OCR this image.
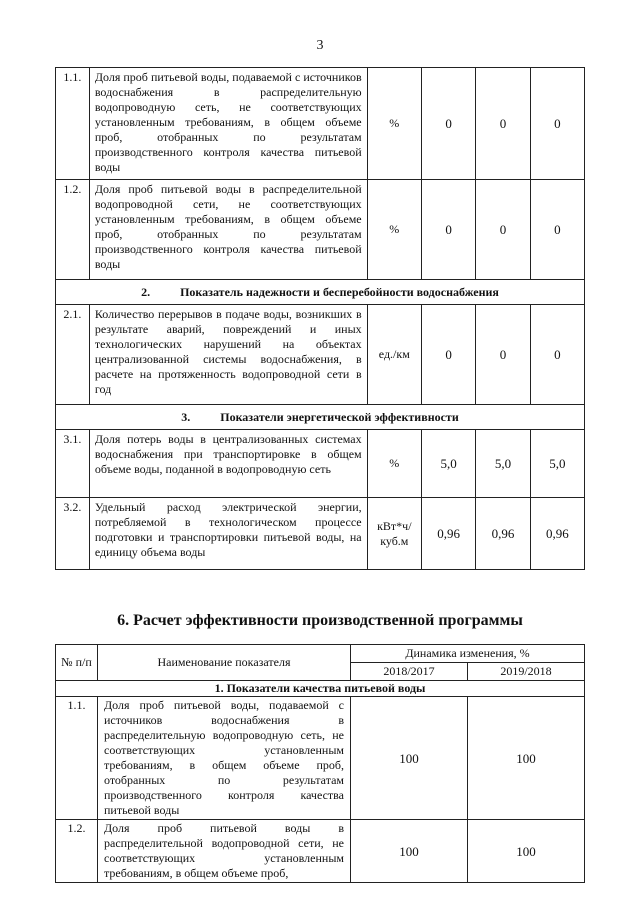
3
1.1.	Доля проб питьевой воды, подаваемой с источников водоснабжения в распределительную водопроводную сеть, не соответствующих установленным требованиям, в общем объеме проб, отобранных по результатам производственного контроля качества питьевой воды	%	0	0	0
1.2.	Доля проб питьевой воды в распределительной водопроводной сети, не соответствующих установленным требованиям, в общем объеме проб, отобранных по результатам производственного контроля качества питьевой воды	%	0	0	0
2. Показатель надежности и бесперебойности водоснабжения					
2.1.	Количество перерывов в подаче воды, возникших в результате аварий, повреждений и иных технологических нарушений на объектах централизованной системы водоснабжения, в расчете на протяженность водопроводной сети в год	ед./км	0	0	0
3. Показатели энергетической эффективности					
3.1.	Доля потерь воды в централизованных системах водоснабжения при транспортировке в общем объеме воды, поданной в водопроводную сеть	%	5,0	5,0	5,0
3.2.	Удельный расход электрической энергии, потребляемой в технологическом процессе подготовки и транспортировки питьевой воды, на единицу объема воды	кВт*ч/ куб.м	0,96	0,96	0,96
6. Расчет эффективности производственной программы
№ п/п	Наименование показателя	Динамика изменения, %	
		2018/2017	2019/2018
1. Показатели качества питьевой воды			
1.1.	Доля проб питьевой воды, подаваемой с источников водоснабжения в распределительную водопроводную сеть, не соответствующих установленным требованиям, в общем объеме проб, отобранных по результатам производственного контроля качества питьевой воды	100	100
1.2.	Доля проб питьевой воды в распределительной водопроводной сети, не соответствующих установленным требованиям, в общем объеме проб,	100	100
